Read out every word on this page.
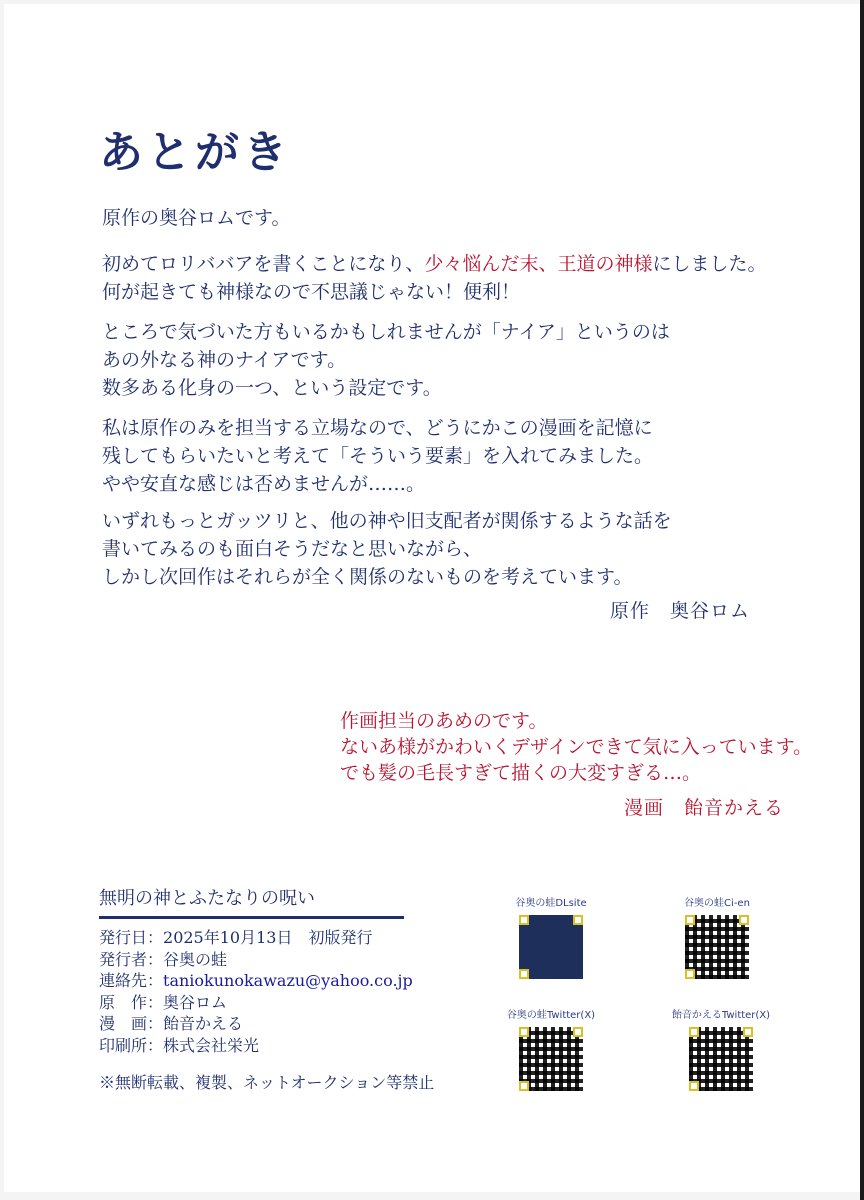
あとがき

原作の奥谷ロムです。

初めてロリババアを書くことになり、少々悩んだ末、王道の神様にしました。
何が起きても神様なので不思議じゃない！便利！

ところで気づいた方もいるかもしれませんが「ナイア」というのは
あの外なる神のナイアです。
数多ある化身の一つ、という設定です。

私は原作のみを担当する立場なので、どうにかこの漫画を記憶に
残してもらいたいと考えて「そういう要素」を入れてみました。
やや安直な感じは否めませんが……。

いずれもっとガッツリと、他の神や旧支配者が関係するような話を
書いてみるのも面白そうだなと思いながら、
しかし次回作はそれらが全く関係のないものを考えています。

原作　奥谷ロム

作画担当のあめのです。
ないあ様がかわいくデザインできて気に入っています。
でも髪の毛長すぎて描くの大変すぎる…。

漫画　飴音かえる

無明の神とふたなりの呪い

発行日：2025年10月13日　初版発行
発行者：谷奥の蛙
連絡先：taniokunokawazu@yahoo.co.jp
原　作：奥谷ロム
漫　画：飴音かえる
印刷所：株式会社栄光
※無断転載、複製、ネットオークション等禁止
谷奥の蛙DLsite	谷奥の蛙Ci-en
谷奥の蛙Twitter(X)	飴音かえるTwitter(X)
